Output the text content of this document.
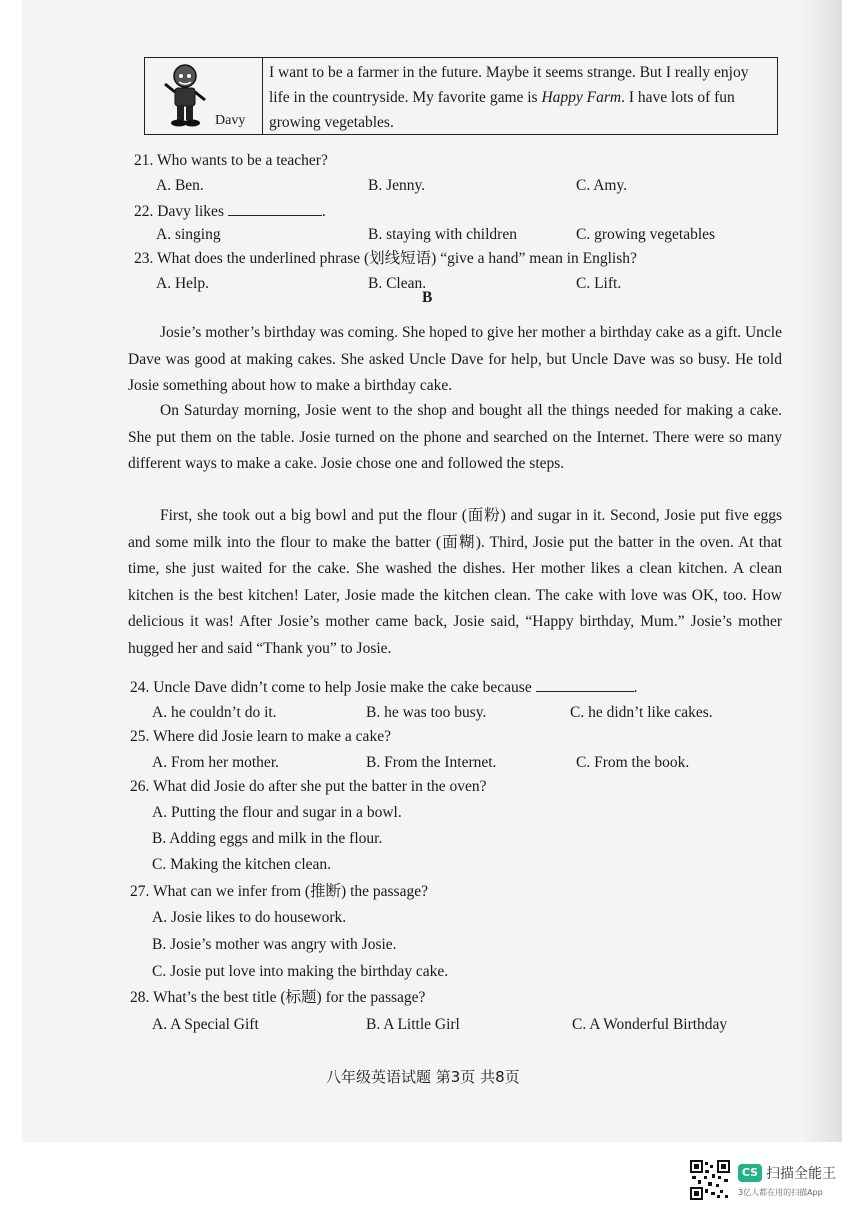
Davy
I want to be a farmer in the future. Maybe it seems strange. But I really enjoy life in the countryside. My favorite game is Happy Farm. I have lots of fun growing vegetables.
21. Who wants to be a teacher?
A. Ben.	B. Jenny.	C. Amy.
22. Davy likes	.
A. singing	B. staying with children	C. growing vegetables
23. What does the underlined phrase (划线短语) “give a hand” mean in English?
A. Help.	B. Clean.	C. Lift.
B
Josie’s mother’s birthday was coming. She hoped to give her mother a birthday cake as a gift. Uncle Dave was good at making cakes. She asked Uncle Dave for help, but Uncle Dave was so busy. He told Josie something about how to make a birthday cake.
On Saturday morning, Josie went to the shop and bought all the things needed for making a cake. She put them on the table. Josie turned on the phone and searched on the Internet. There were so many different ways to make a cake. Josie chose one and followed the steps.
First, she took out a big bowl and put the flour (面粉) and sugar in it. Second, Josie put five eggs and some milk into the flour to make the batter (面糊). Third, Josie put the batter in the oven. At that time, she just waited for the cake. She washed the dishes. Her mother likes a clean kitchen. A clean kitchen is the best kitchen! Later, Josie made the kitchen clean. The cake with love was OK, too. How delicious it was! After Josie’s mother came back, Josie said, “Happy birthday, Mum.” Josie’s mother hugged her and said “Thank you” to Josie.
24. Uncle Dave didn’t come to help Josie make the cake because	.
A. he couldn’t do it.	B. he was too busy.	C. he didn’t like cakes.
25. Where did Josie learn to make a cake?
A. From her mother.	B. From the Internet.	C. From the book.
26. What did Josie do after she put the batter in the oven?
A. Putting the flour and sugar in a bowl.
B. Adding eggs and milk in the flour.
C. Making the kitchen clean.
27. What can we infer from (推断) the passage?
A. Josie likes to do housework.
B. Josie’s mother was angry with Josie.
C. Josie put love into making the birthday cake.
28. What’s the best title (标题) for the passage?
A. A Special Gift	B. A Little Girl	C. A Wonderful Birthday
八年级英语试题 第3页 共8页
CS 扫描全能王
3亿人都在用的扫描App
